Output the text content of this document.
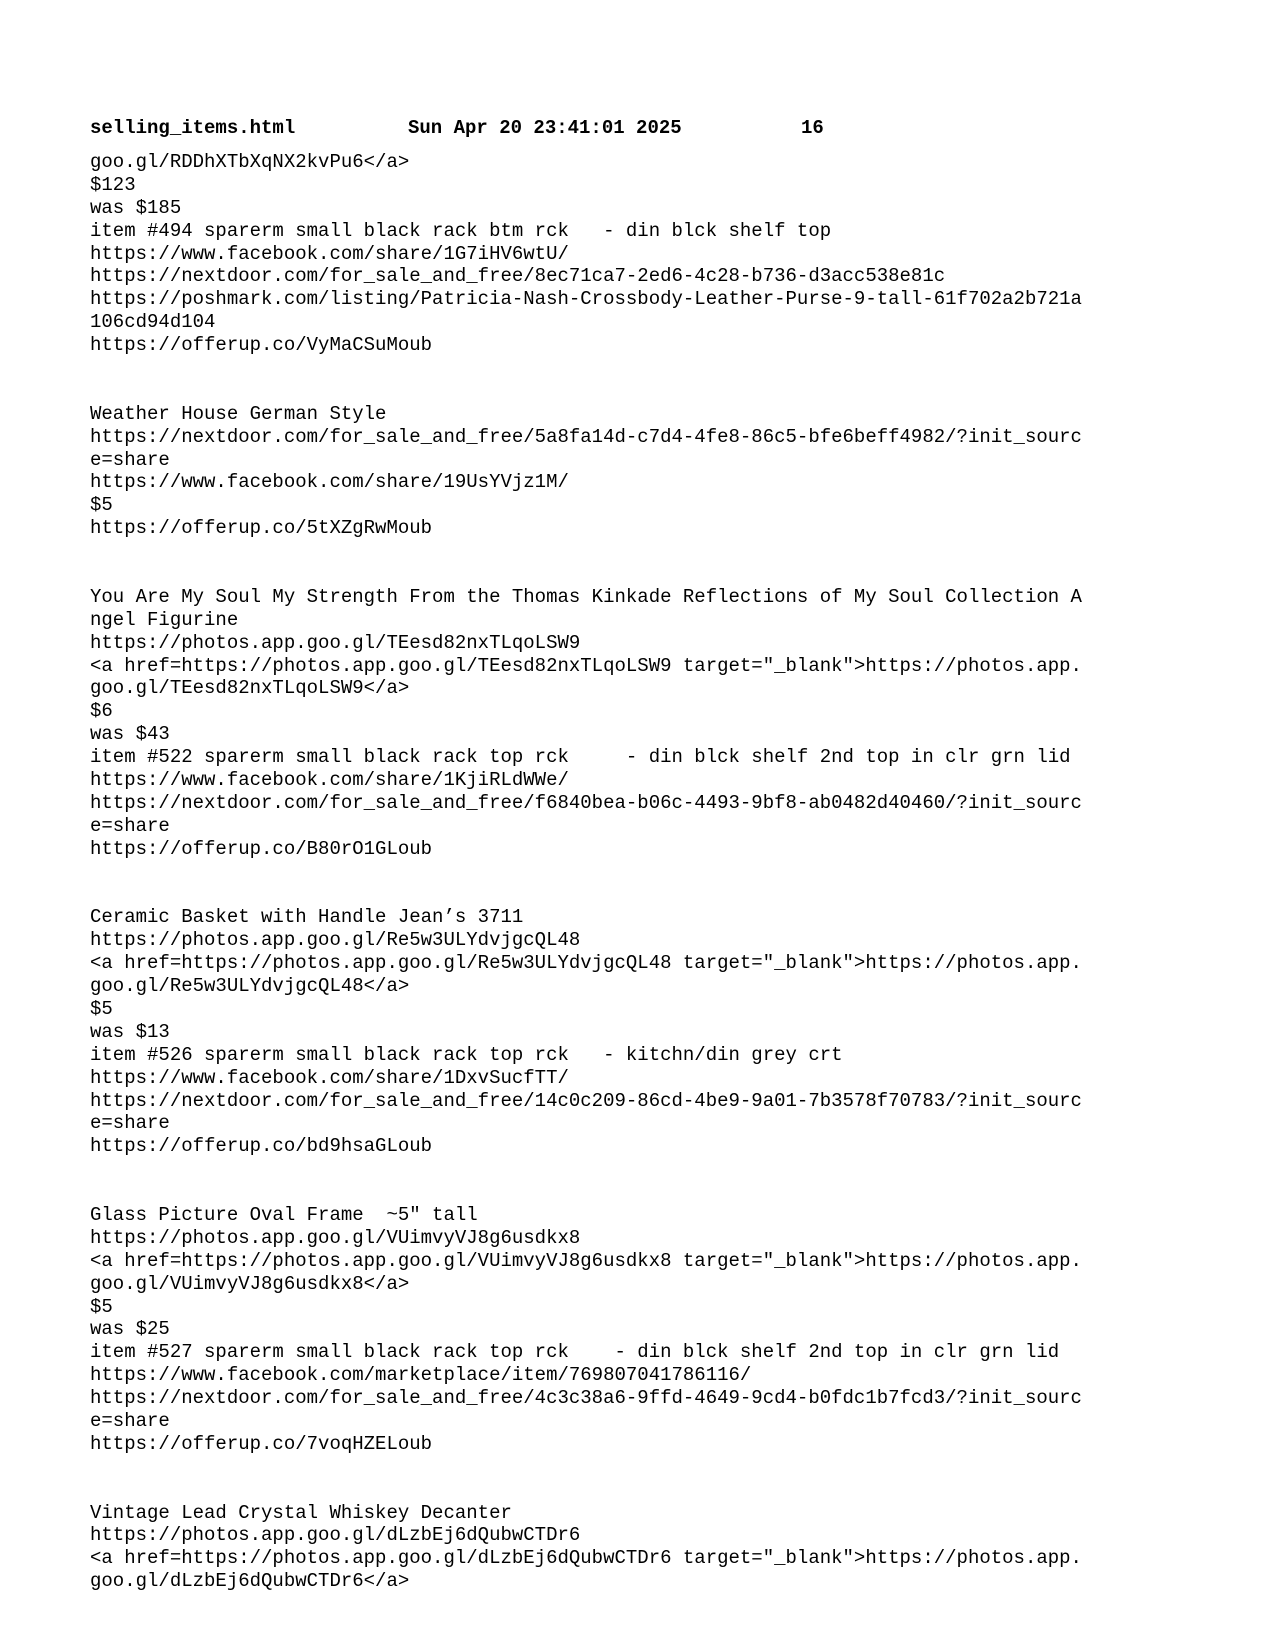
selling_items.html

	Sun Apr 20 23:41:01 2025

	16

goo.gl/RDDhXTbXqNX2kvPu6</a>
$123
was $185
item #494 sparerm small black rack btm rck   - din blck shelf top
https://www.facebook.com/share/1G7iHV6wtU/
https://nextdoor.com/for_sale_and_free/8ec71ca7-2ed6-4c28-b736-d3acc538e81c
https://poshmark.com/listing/Patricia-Nash-Crossbody-Leather-Purse-9-tall-61f702a2b721a
106cd94d104
https://offerup.co/VyMaCSuMoub
Weather House German Style
https://nextdoor.com/for_sale_and_free/5a8fa14d-c7d4-4fe8-86c5-bfe6beff4982/?init_sourc
e=share
https://www.facebook.com/share/19UsYVjz1M/
$5
https://offerup.co/5tXZgRwMoub
You Are My Soul My Strength From the Thomas Kinkade Reflections of My Soul Collection A
ngel Figurine
https://photos.app.goo.gl/TEesd82nxTLqoLSW9
<a href=https://photos.app.goo.gl/TEesd82nxTLqoLSW9 target="_blank">https://photos.app.
goo.gl/TEesd82nxTLqoLSW9</a>
$6
was $43
item #522 sparerm small black rack top rck     - din blck shelf 2nd top in clr grn lid
https://www.facebook.com/share/1KjiRLdWWe/
https://nextdoor.com/for_sale_and_free/f6840bea-b06c-4493-9bf8-ab0482d40460/?init_sourc
e=share
https://offerup.co/B80rO1GLoub
Ceramic Basket with Handle Jean’s 3711
https://photos.app.goo.gl/Re5w3ULYdvjgcQL48
<a href=https://photos.app.goo.gl/Re5w3ULYdvjgcQL48 target="_blank">https://photos.app.
goo.gl/Re5w3ULYdvjgcQL48</a>
$5
was $13
item #526 sparerm small black rack top rck   - kitchn/din grey crt
https://www.facebook.com/share/1DxvSucfTT/
https://nextdoor.com/for_sale_and_free/14c0c209-86cd-4be9-9a01-7b3578f70783/?init_sourc
e=share
https://offerup.co/bd9hsaGLoub
Glass Picture Oval Frame  ~5" tall
https://photos.app.goo.gl/VUimvyVJ8g6usdkx8
<a href=https://photos.app.goo.gl/VUimvyVJ8g6usdkx8 target="_blank">https://photos.app.
goo.gl/VUimvyVJ8g6usdkx8</a>
$5
was $25
item #527 sparerm small black rack top rck    - din blck shelf 2nd top in clr grn lid
https://www.facebook.com/marketplace/item/769807041786116/
https://nextdoor.com/for_sale_and_free/4c3c38a6-9ffd-4649-9cd4-b0fdc1b7fcd3/?init_sourc
e=share
https://offerup.co/7voqHZELoub
Vintage Lead Crystal Whiskey Decanter
https://photos.app.goo.gl/dLzbEj6dQubwCTDr6
<a href=https://photos.app.goo.gl/dLzbEj6dQubwCTDr6 target="_blank">https://photos.app.
goo.gl/dLzbEj6dQubwCTDr6</a>
